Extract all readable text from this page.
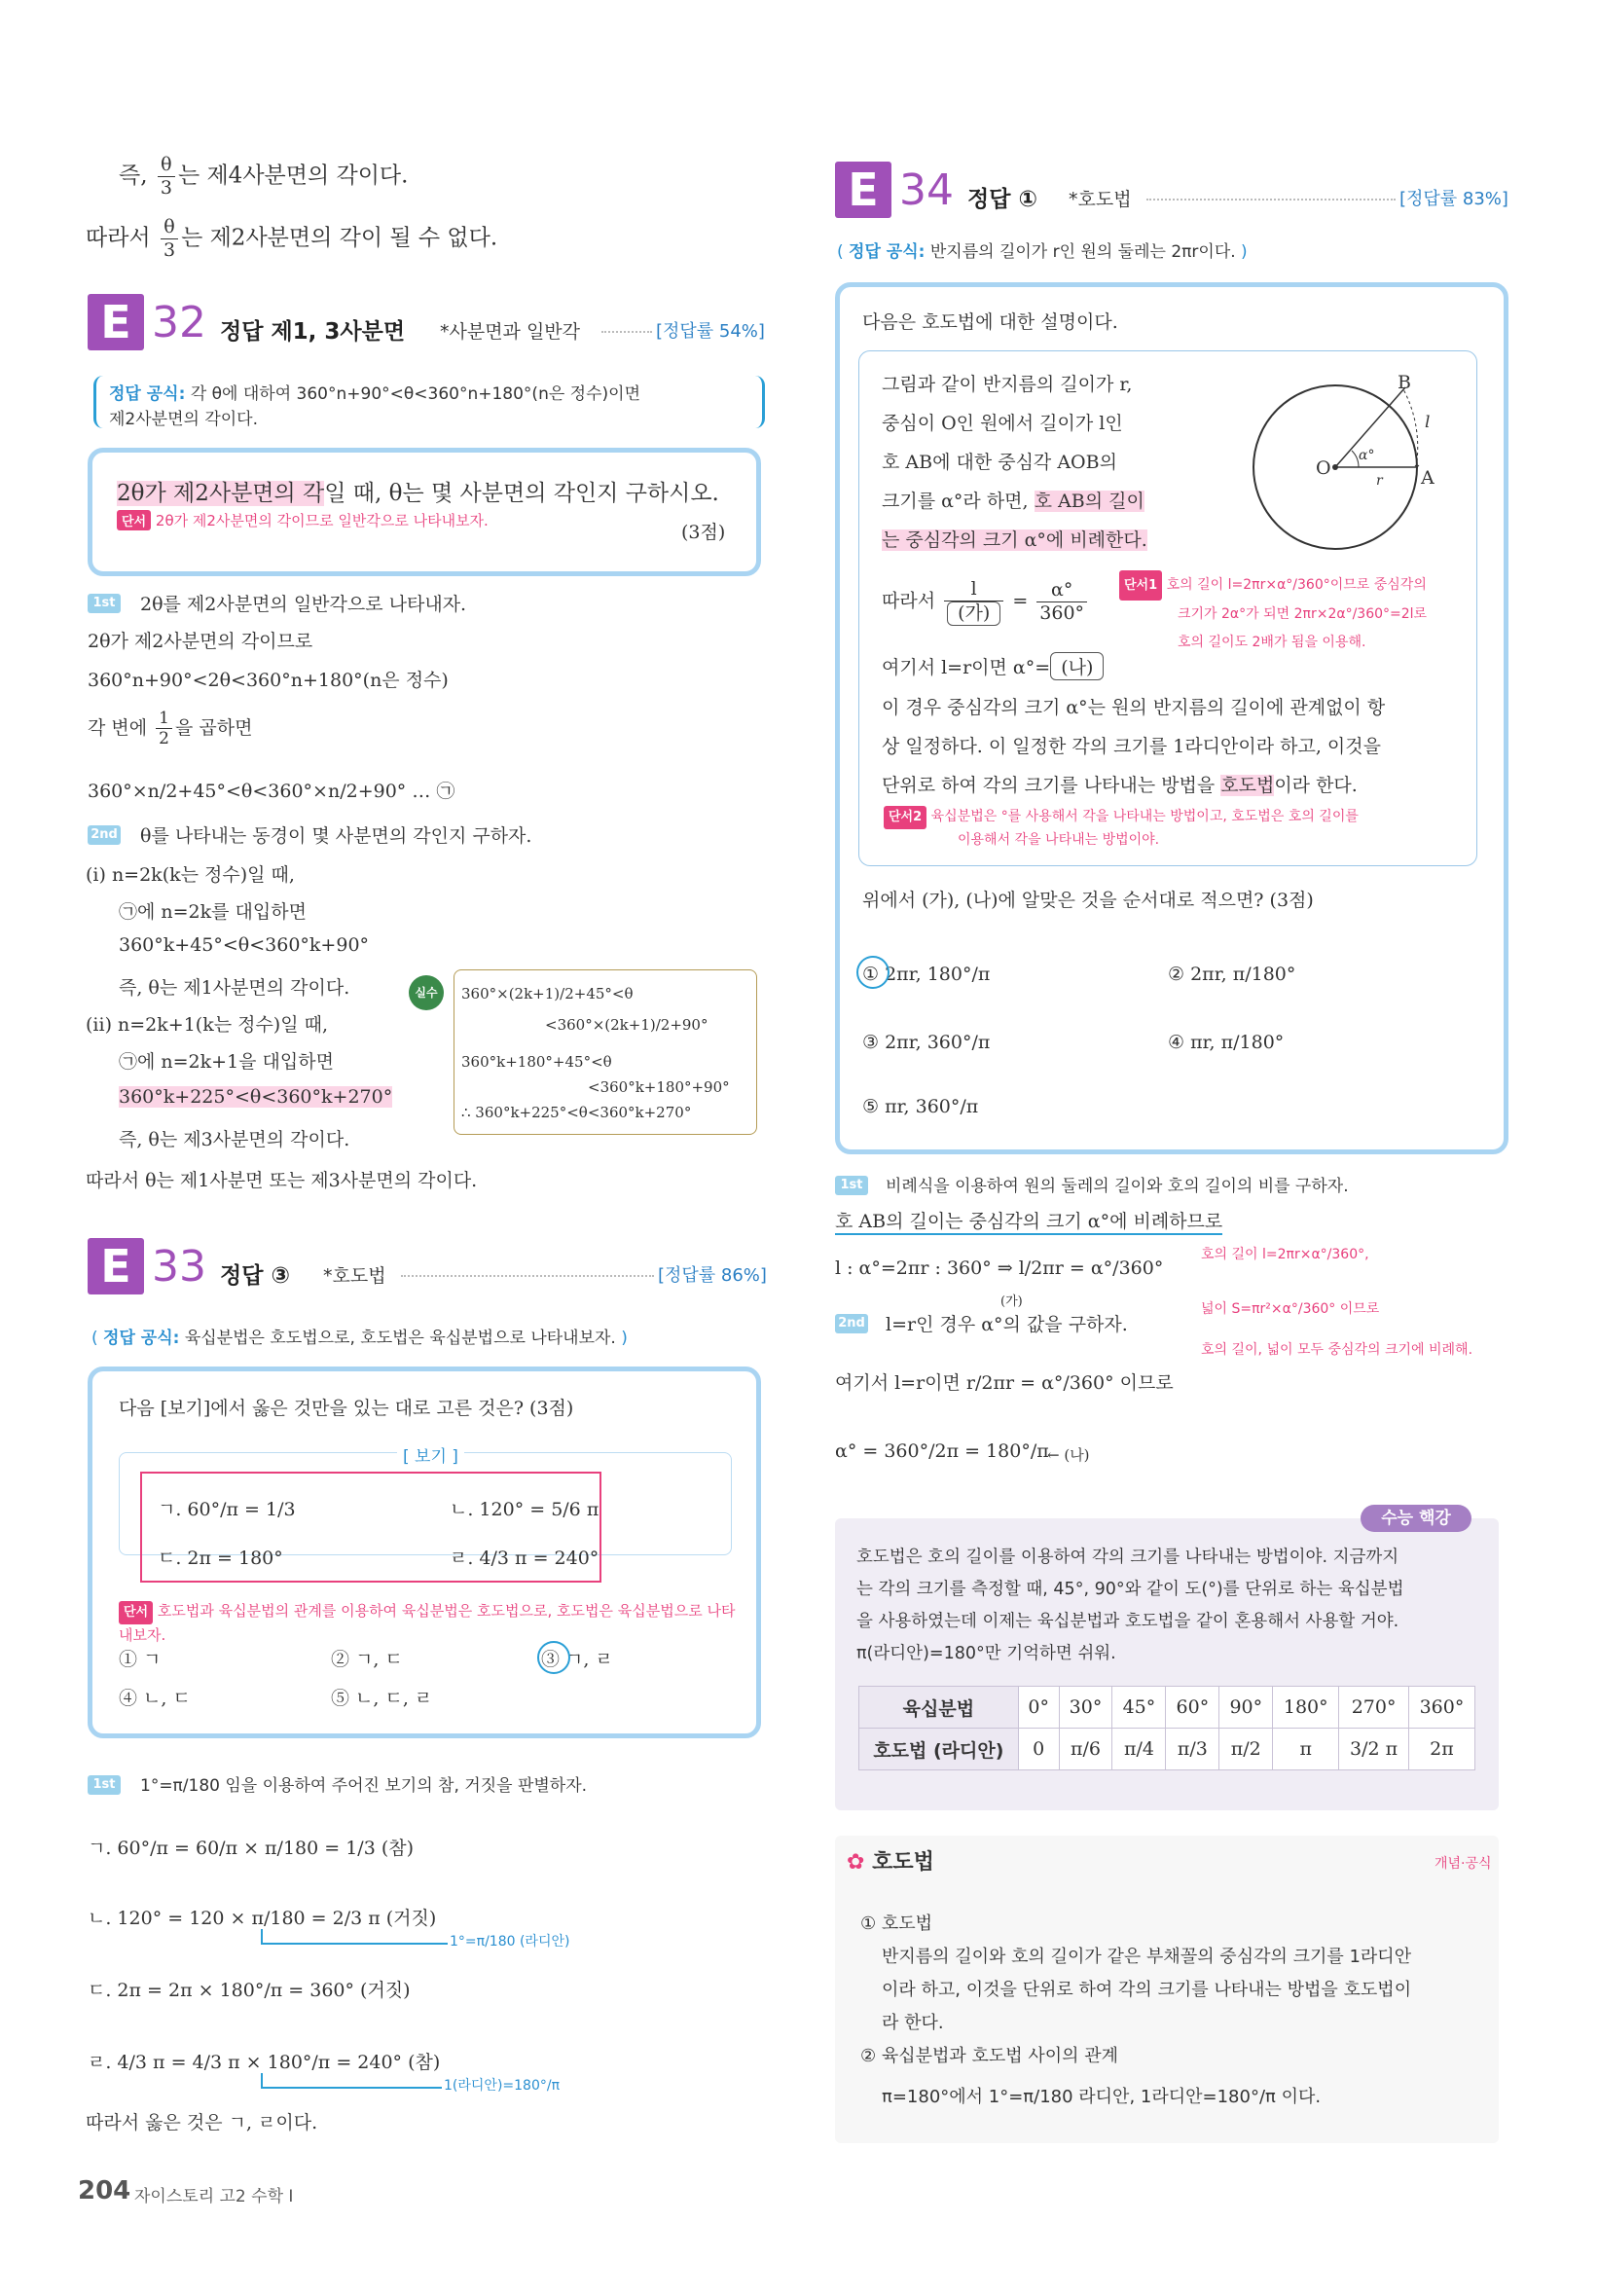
즉, $\frac{\theta}{3}$ 는 제4사분면의 각이다.
따라서 $\frac{\theta}{3}$ 는 제2사분면의 각이 될 수 없다.
E 32 정답 제1, 3사분면 *사분면과 일반각	[정답률 54%]
정답 공식: 각 θ에 대하여 360°n+90°<θ<360°n+180°(n은 정수)이면
제2사분면의 각이다.
2θ가 제2사분면의 각일 때, θ는 몇 사분면의 각인지 구하시오.
단서 2θ가 제2사분면의 각이므로 일반각으로 나타내보자.
(3점)
1st 2θ를 제2사분면의 일반각으로 나타내자.
2θ가 제2사분면의 각이므로
360°n+90°<2θ<360°n+180°(n은 정수)
각 변에 $\frac{1}{2}$ 을 곱하면
360°×n/2+45°<θ<360°×n/2+90° … ㉠
2nd θ를 나타내는 동경이 몇 사분면의 각인지 구하자.
(i) n=2k(k는 정수)일 때,
㉠에 n=2k를 대입하면
360°k+45°<θ<360°k+90°
즉, θ는 제1사분면의 각이다.
(ii) n=2k+1(k는 정수)일 때,
㉠에 n=2k+1을 대입하면
360°k+225°<θ<360°k+270°
즉, θ는 제3사분면의 각이다.
따라서 θ는 제1사분면 또는 제3사분면의 각이다.
실수	360°×(2k+1)/2+45°<θ
<360°×(2k+1)/2+90°
360°k+180°+45°<θ
<360°k+180°+90°
∴ 360°k+225°<θ<360°k+270°
E 33 정답 ③ *호도법	[정답률 86%]
( 정답 공식: 육십분법은 호도법으로, 호도법은 육십분법으로 나타내보자. )
다음 [보기]에서 옳은 것만을 있는 대로 고른 것은? (3점)
[ 보기 ]
ㄱ. 60°/π = 1/3	ㄴ. 120° = 5/6 π
ㄷ. 2π = 180°	ㄹ. 4/3 π = 240°
단서 호도법과 육십분법의 관계를 이용하여 육십분법은 호도법으로, 호도법은 육십분법으로 나타내보자.
① ㄱ	② ㄱ, ㄷ	③ ㄱ, ㄹ
④ ㄴ, ㄷ	⑤ ㄴ, ㄷ, ㄹ
1st	1°=π/180 임을 이용하여 주어진 보기의 참, 거짓을 판별하자.
ㄱ. 60°/π = 60/π × π/180 = 1/3 (참)
ㄴ. 120° = 120 × π/180 = 2/3 π (거짓)
1°=π/180 (라디안)
ㄷ. 2π = 2π × 180°/π = 360° (거짓)
ㄹ. 4/3 π = 4/3 π × 180°/π = 240° (참)
1(라디안)=180°/π
따라서 옳은 것은 ㄱ, ㄹ이다.
204 자이스토리 고2 수학 I
E 34 정답 ① *호도법	[정답률 83%]
( 정답 공식: 반지름의 길이가 r인 원의 둘레는 2πr이다. )
다음은 호도법에 대한 설명이다.
그림과 같이 반지름의 길이가 r,
중심이 O인 원에서 길이가 l인
호 AB에 대한 중심각 AOB의
크기를 α°라 하면, 호 AB의 길이
는 중심각의 크기 α°에 비례한다.
B
O	A
l
α°
r
따라서 $\frac{l}{\text{(가)}} = \frac{\alpha^\circ}{360^\circ}$	단서1 호의 길이 l=2πr×α°/360°이므로 중심각의
크기가 2α°가 되면 2πr×2α°/360°=2l로
호의 길이도 2배가 됨을 이용해.
여기서 l=r이면 α°= (나)
이 경우 중심각의 크기 α°는 원의 반지름의 길이에 관계없이 항
상 일정하다. 이 일정한 각의 크기를 1라디안이라 하고, 이것을
단위로 하여 각의 크기를 나타내는 방법을 호도법이라 한다.
단서2 육십분법은 °를 사용해서 각을 나타내는 방법이고, 호도법은 호의 길이를
이용해서 각을 나타내는 방법이야.
위에서 (가), (나)에 알맞은 것을 순서대로 적으면? (3점)
① 2πr, 180°/π	② 2πr, π/180°
③ 2πr, 360°/π	④ πr, π/180°
⑤ πr, 360°/π
1st	비례식을 이용하여 원의 둘레의 길이와 호의 길이의 비를 구하자.
호 AB의 길이는 중심각의 크기 α°에 비례하므로
l : α°=2πr : 360° ⇒ l/2πr = α°/360°
(가)
호의 길이 l=2πr×α°/360°,
넓이 S=πr²×α°/360° 이므로
호의 길이, 넓이 모두 중심각의 크기에 비례해.
2nd l=r인 경우 α°의 값을 구하자.
여기서 l=r이면 r/2πr = α°/360° 이므로
α° = 360°/2π = 180°/π
← (나)
수능 핵강
호도법은 호의 길이를 이용하여 각의 크기를 나타내는 방법이야. 지금까지
는 각의 크기를 측정할 때, 45°, 90°와 같이 도(°)를 단위로 하는 육십분법
을 사용하였는데 이제는 육십분법과 호도법을 같이 혼용해서 사용할 거야.
π(라디안)=180°만 기억하면 쉬워.
육십분법	0°	30°	45°	60°	90°	180°	270°	360°
호도법 (라디안)	0	π/6	π/4	π/3	π/2	π	3/2 π	2π
✿ 호도법	개념·공식
① 호도법
반지름의 길이와 호의 길이가 같은 부채꼴의 중심각의 크기를 1라디안
이라 하고, 이것을 단위로 하여 각의 크기를 나타내는 방법을 호도법이
라 한다.
② 육십분법과 호도법 사이의 관계
π=180°에서 1°=π/180 라디안, 1라디안=180°/π 이다.
